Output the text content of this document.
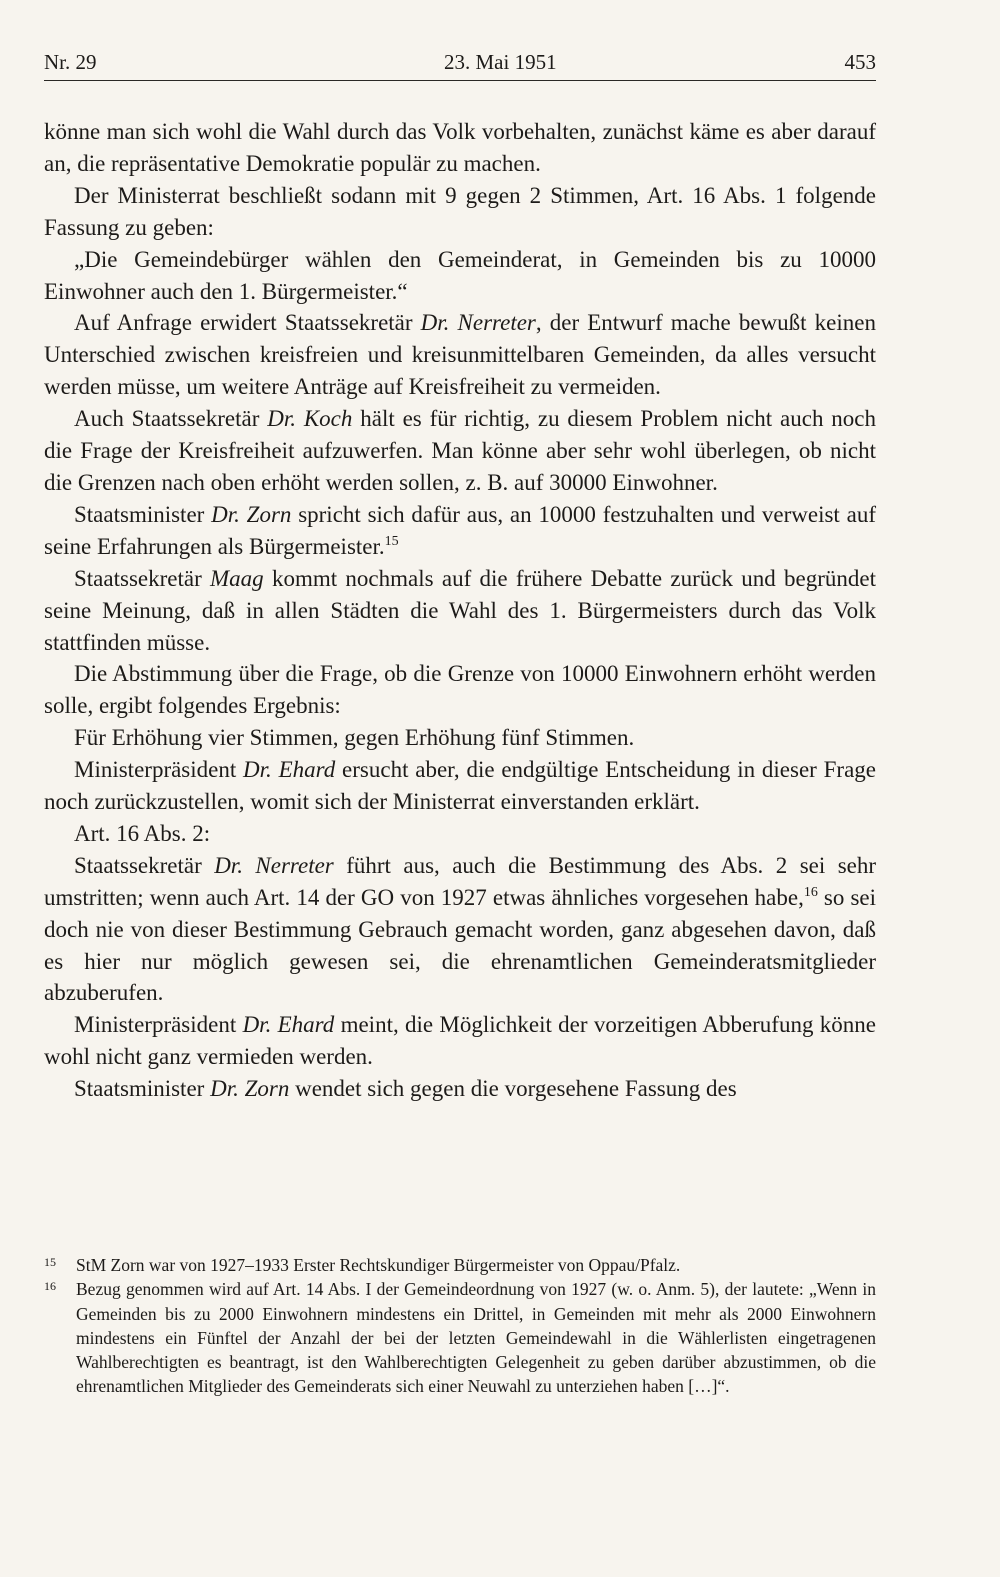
Nr. 29	23. Mai 1951	453

könne man sich wohl die Wahl durch das Volk vorbehalten, zunächst käme es aber darauf an, die repräsentative Demokratie populär zu machen.

Der Ministerrat beschließt sodann mit 9 gegen 2 Stimmen, Art. 16 Abs. 1 folgende Fassung zu geben:

„Die Gemeindebürger wählen den Gemeinderat, in Gemeinden bis zu 10000 Einwohner auch den 1. Bürgermeister.“

Auf Anfrage erwidert Staatssekretär Dr. Nerreter, der Entwurf mache bewußt keinen Unterschied zwischen kreisfreien und kreisunmittelbaren Gemeinden, da alles versucht werden müsse, um weitere Anträge auf Kreisfreiheit zu vermeiden.

Auch Staatssekretär Dr. Koch hält es für richtig, zu diesem Problem nicht auch noch die Frage der Kreisfreiheit aufzuwerfen. Man könne aber sehr wohl überlegen, ob nicht die Grenzen nach oben erhöht werden sollen, z. B. auf 30000 Einwohner.

Staatsminister Dr. Zorn spricht sich dafür aus, an 10000 festzuhalten und verweist auf seine Erfahrungen als Bürgermeister.$^{15}$

Staatssekretär Maag kommt nochmals auf die frühere Debatte zurück und begründet seine Meinung, daß in allen Städten die Wahl des 1. Bürgermeisters durch das Volk stattfinden müsse.

Die Abstimmung über die Frage, ob die Grenze von 10000 Einwohnern erhöht werden solle, ergibt folgendes Ergebnis:

Für Erhöhung vier Stimmen, gegen Erhöhung fünf Stimmen.

Ministerpräsident Dr. Ehard ersucht aber, die endgültige Entscheidung in dieser Frage noch zurückzustellen, womit sich der Ministerrat einverstanden erklärt.

Art. 16 Abs. 2:

Staatssekretär Dr. Nerreter führt aus, auch die Bestimmung des Abs. 2 sei sehr umstritten; wenn auch Art. 14 der GO von 1927 etwas ähnliches vorgesehen habe,$^{16}$ so sei doch nie von dieser Bestimmung Gebrauch gemacht worden, ganz abgesehen davon, daß es hier nur möglich gewesen sei, die ehrenamtlichen Gemeinderatsmitglieder abzuberufen.

Ministerpräsident Dr. Ehard meint, die Möglichkeit der vorzeitigen Abberufung könne wohl nicht ganz vermieden werden.

Staatsminister Dr. Zorn wendet sich gegen die vorgesehene Fassung des

15 StM Zorn war von 1927–1933 Erster Rechtskundiger Bürgermeister von Oppau/Pfalz.
16 Bezug genommen wird auf Art. 14 Abs. I der Gemeindeordnung von 1927 (w. o. Anm. 5), der lautete: „Wenn in Gemeinden bis zu 2000 Einwohnern mindestens ein Drittel, in Gemeinden mit mehr als 2000 Einwohnern mindestens ein Fünftel der Anzahl der bei der letzten Gemeindewahl in die Wählerlisten eingetragenen Wahlberechtigten es beantragt, ist den Wahlberechtigten Gelegenheit zu geben darüber abzustimmen, ob die ehrenamtlichen Mitglieder des Gemeinderats sich einer Neuwahl zu unterziehen haben […]“.
